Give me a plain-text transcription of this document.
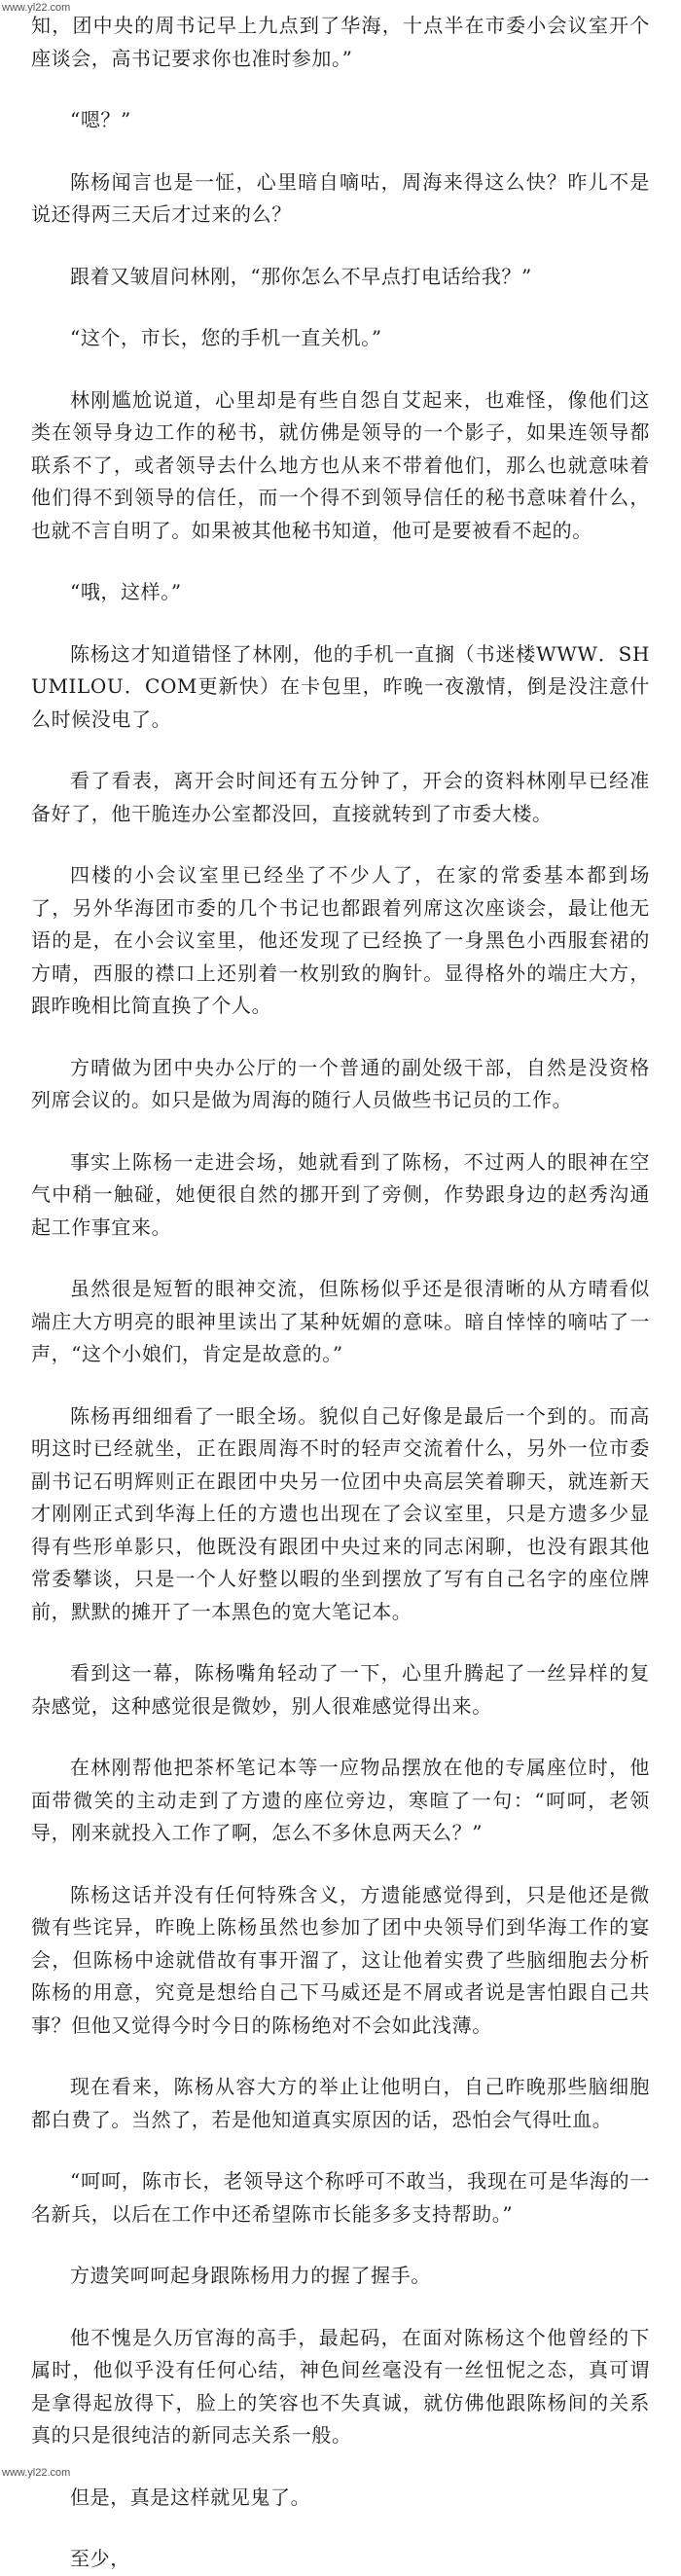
www.yl22.com

知，团中央的周书记早上九点到了华海，十点半在市委小会议室开个座谈会，高书记要求你也准时参加。”

“嗯？”

陈杨闻言也是一怔，心里暗自嘀咕，周海来得这么快？昨儿不是说还得两三天后才过来的么？

跟着又皱眉问林刚，“那你怎么不早点打电话给我？”

“这个，市长，您的手机一直关机。”

林刚尴尬说道，心里却是有些自怨自艾起来，也难怪，像他们这类在领导身边工作的秘书，就仿佛是领导的一个影子，如果连领导都联系不了，或者领导去什么地方也从来不带着他们，那么也就意味着他们得不到领导的信任，而一个得不到领导信任的秘书意味着什么，也就不言自明了。如果被其他秘书知道，他可是要被看不起的。

“哦，这样。”

陈杨这才知道错怪了林刚，他的手机一直搁（书迷楼WWW．SHUMILOU．COM更新快）在卡包里，昨晚一夜激情，倒是没注意什么时候没电了。

看了看表，离开会时间还有五分钟了，开会的资料林刚早已经准备好了，他干脆连办公室都没回，直接就转到了市委大楼。

四楼的小会议室里已经坐了不少人了，在家的常委基本都到场了，另外华海团市委的几个书记也都跟着列席这次座谈会，最让他无语的是，在小会议室里，他还发现了已经换了一身黑色小西服套裙的方晴，西服的襟口上还别着一枚别致的胸针。显得格外的端庄大方，跟昨晚相比简直换了个人。

方晴做为团中央办公厅的一个普通的副处级干部，自然是没资格列席会议的。如只是做为周海的随行人员做些书记员的工作。

事实上陈杨一走进会场，她就看到了陈杨，不过两人的眼神在空气中稍一触碰，她便很自然的挪开到了旁侧，作势跟身边的赵秀沟通起工作事宜来。

虽然很是短暂的眼神交流，但陈杨似乎还是很清晰的从方晴看似端庄大方明亮的眼神里读出了某种妩媚的意味。暗自悻悻的嘀咕了一声，“这个小娘们，肯定是故意的。”

陈杨再细细看了一眼全场。貌似自己好像是最后一个到的。而高明这时已经就坐，正在跟周海不时的轻声交流着什么，另外一位市委副书记石明辉则正在跟团中央另一位团中央高层笑着聊天，就连新天才刚刚正式到华海上任的方遗也出现在了会议室里，只是方遗多少显得有些形单影只，他既没有跟团中央过来的同志闲聊，也没有跟其他常委攀谈，只是一个人好整以暇的坐到摆放了写有自己名字的座位牌前，默默的摊开了一本黑色的宽大笔记本。

看到这一幕，陈杨嘴角轻动了一下，心里升腾起了一丝异样的复杂感觉，这种感觉很是微妙，别人很难感觉得出来。

在林刚帮他把茶杯笔记本等一应物品摆放在他的专属座位时，他面带微笑的主动走到了方遗的座位旁边，寒暄了一句：“呵呵，老领导，刚来就投入工作了啊，怎么不多休息两天么？”

陈杨这话并没有任何特殊含义，方遗能感觉得到，只是他还是微微有些诧异，昨晚上陈杨虽然也参加了团中央领导们到华海工作的宴会，但陈杨中途就借故有事开溜了，这让他着实费了些脑细胞去分析陈杨的用意，究竟是想给自己下马威还是不屑或者说是害怕跟自己共事？但他又觉得今时今日的陈杨绝对不会如此浅薄。

现在看来，陈杨从容大方的举止让他明白，自己昨晚那些脑细胞都白费了。当然了，若是他知道真实原因的话，恐怕会气得吐血。

“呵呵，陈市长，老领导这个称呼可不敢当，我现在可是华海的一名新兵，以后在工作中还希望陈市长能多多支持帮助。”

方遗笑呵呵起身跟陈杨用力的握了握手。

他不愧是久历官海的高手，最起码，在面对陈杨这个他曾经的下属时，他似乎没有任何心结，神色间丝毫没有一丝忸怩之态，真可谓是拿得起放得下，脸上的笑容也不失真诚，就仿佛他跟陈杨间的关系真的只是很纯洁的新同志关系一般。

但是，真是这样就见鬼了。

至少，

www.yl22.com
